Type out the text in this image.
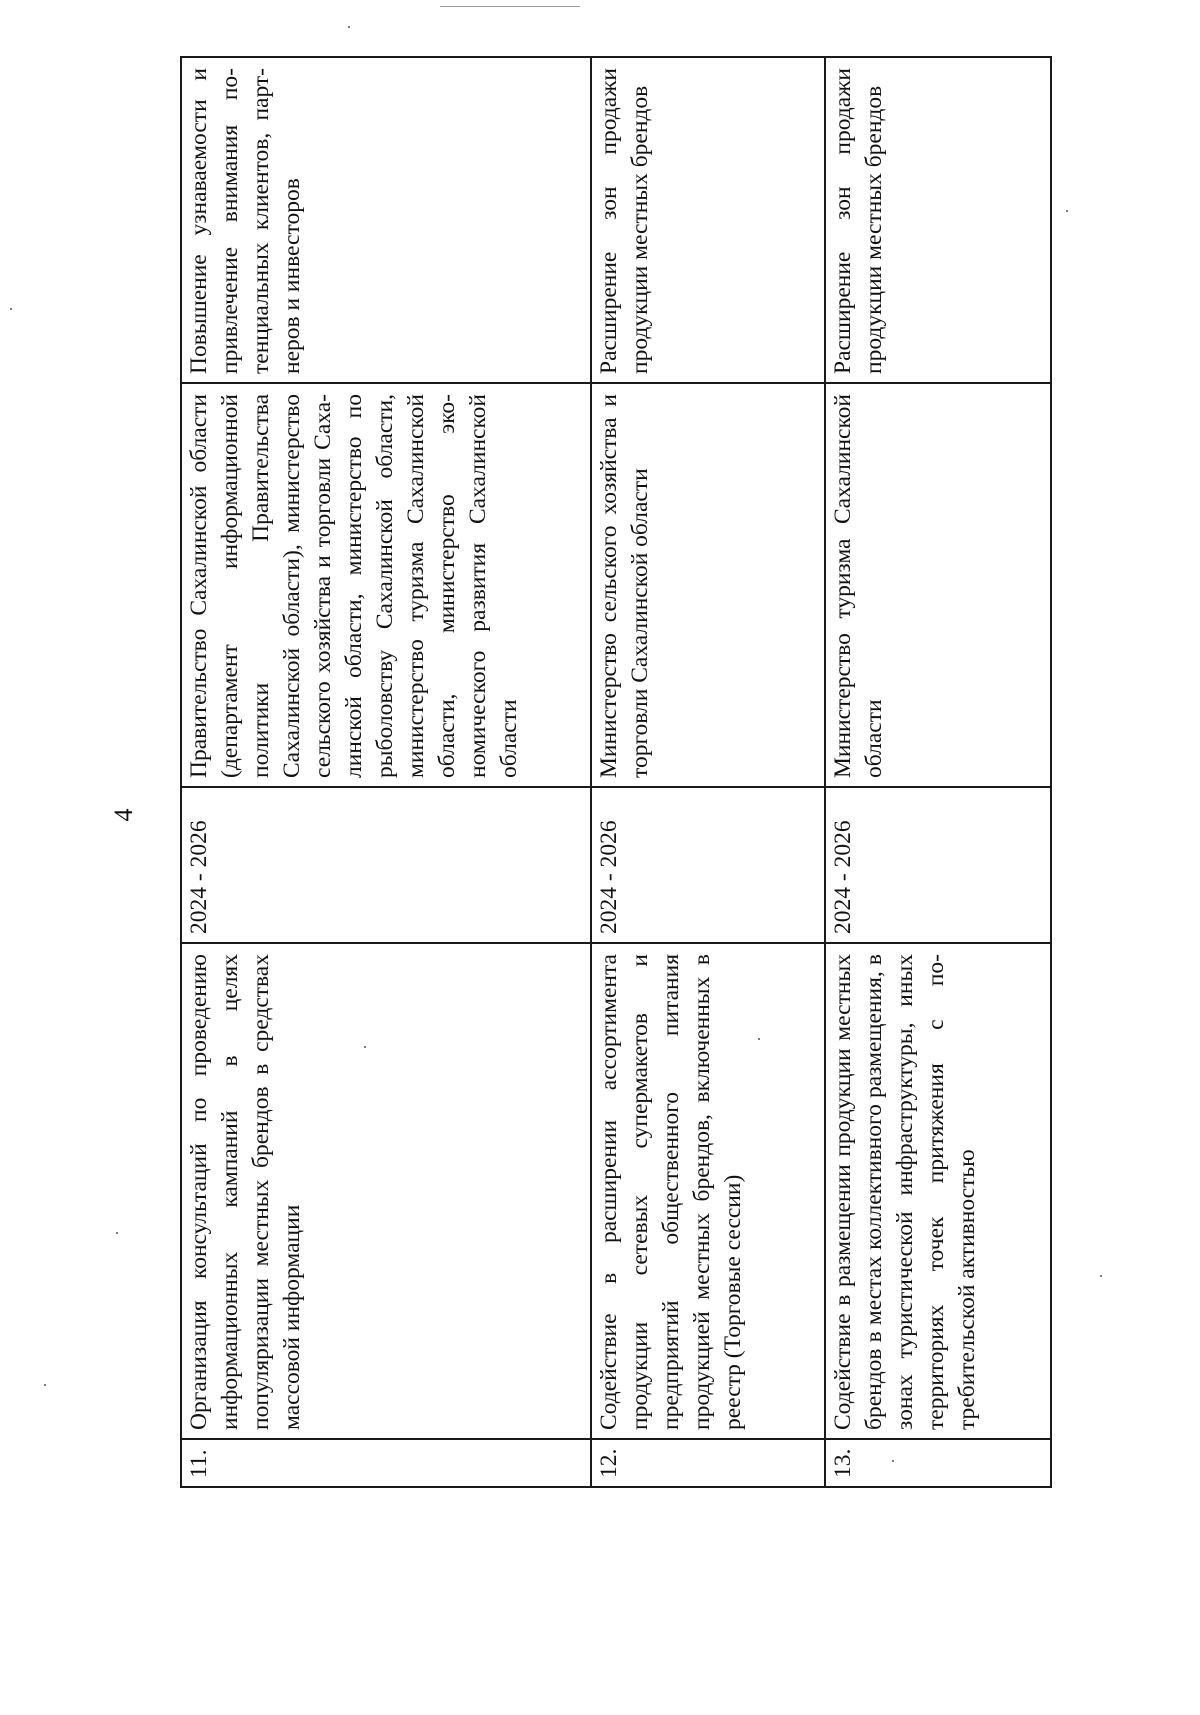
4
11.	Организация консультаций по проведению информационных кампаний в целях популяризации местных брендов в средствах массовой информации	2024 - 2026	Правительство Сахалинской области (департамент информационной политики Правительства Сахалинской области), министерство сельского хозяйства и торговли Сахалинской области, министерство по рыболовству Сахалинской области, министерство туризма Сахалинской области, министерство экономического развития Сахалинской области	Повышение узнаваемости и привлечение внимания потенциальных клиентов, партнеров и инвесторов
12.	Содействие в расширении ассортимента продукции сетевых супермакетов и предприятий общественного питания продукцией местных брендов, включенных в реестр (Торговые сессии)	2024 - 2026	Министерство сельского хозяйства и торговли Сахалинской области	Расширение зон продажи продукции местных брендов
13.	Содействие в размещении продукции местных брендов в местах коллективного размещения, в зонах туристической инфраструктуры, иных территориях точек притяжения с потребительской активностью	2024 - 2026	Министерство туризма Сахалинской области	Расширение зон продажи продукции местных брендов
